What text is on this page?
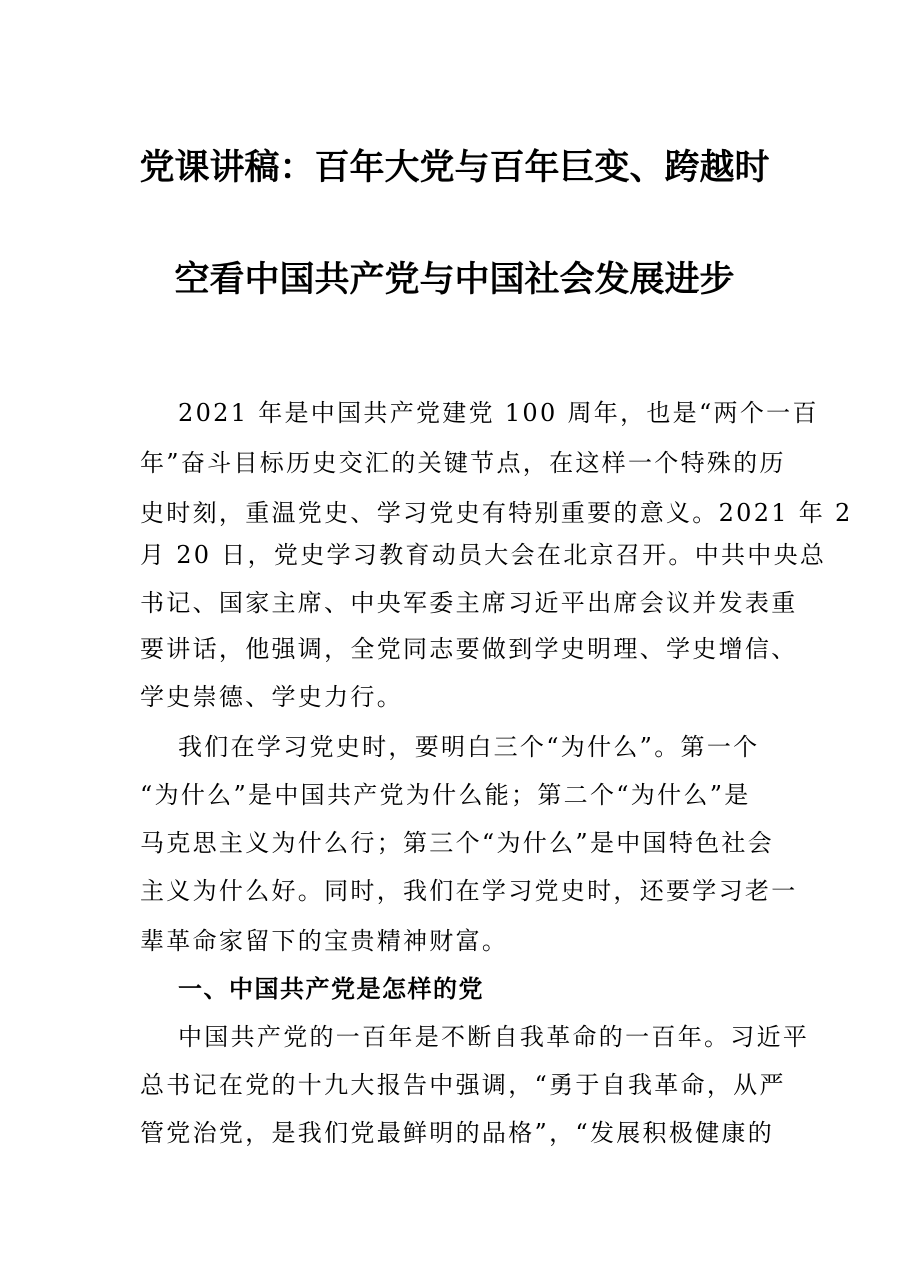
党课讲稿：百年大党与百年巨变、跨越时
空看中国共产党与中国社会发展进步
2021 年是中国共产党建党 100 周年，也是“两个一百
年”奋斗目标历史交汇的关键节点，在这样一个特殊的历
史时刻，重温党史、学习党史有特别重要的意义。2021 年 2
月 20 日，党史学习教育动员大会在北京召开。中共中央总
书记、国家主席、中央军委主席习近平出席会议并发表重
要讲话，他强调，全党同志要做到学史明理、学史增信、
学史崇德、学史力行。
我们在学习党史时，要明白三个“为什么”。第一个
“为什么”是中国共产党为什么能；第二个“为什么”是
马克思主义为什么行；第三个“为什么”是中国特色社会
主义为什么好。同时，我们在学习党史时，还要学习老一
辈革命家留下的宝贵精神财富。
一、中国共产党是怎样的党
中国共产党的一百年是不断自我革命的一百年。习近平
总书记在党的十九大报告中强调，“勇于自我革命，从严
管党治党，是我们党最鲜明的品格”，“发展积极健康的
